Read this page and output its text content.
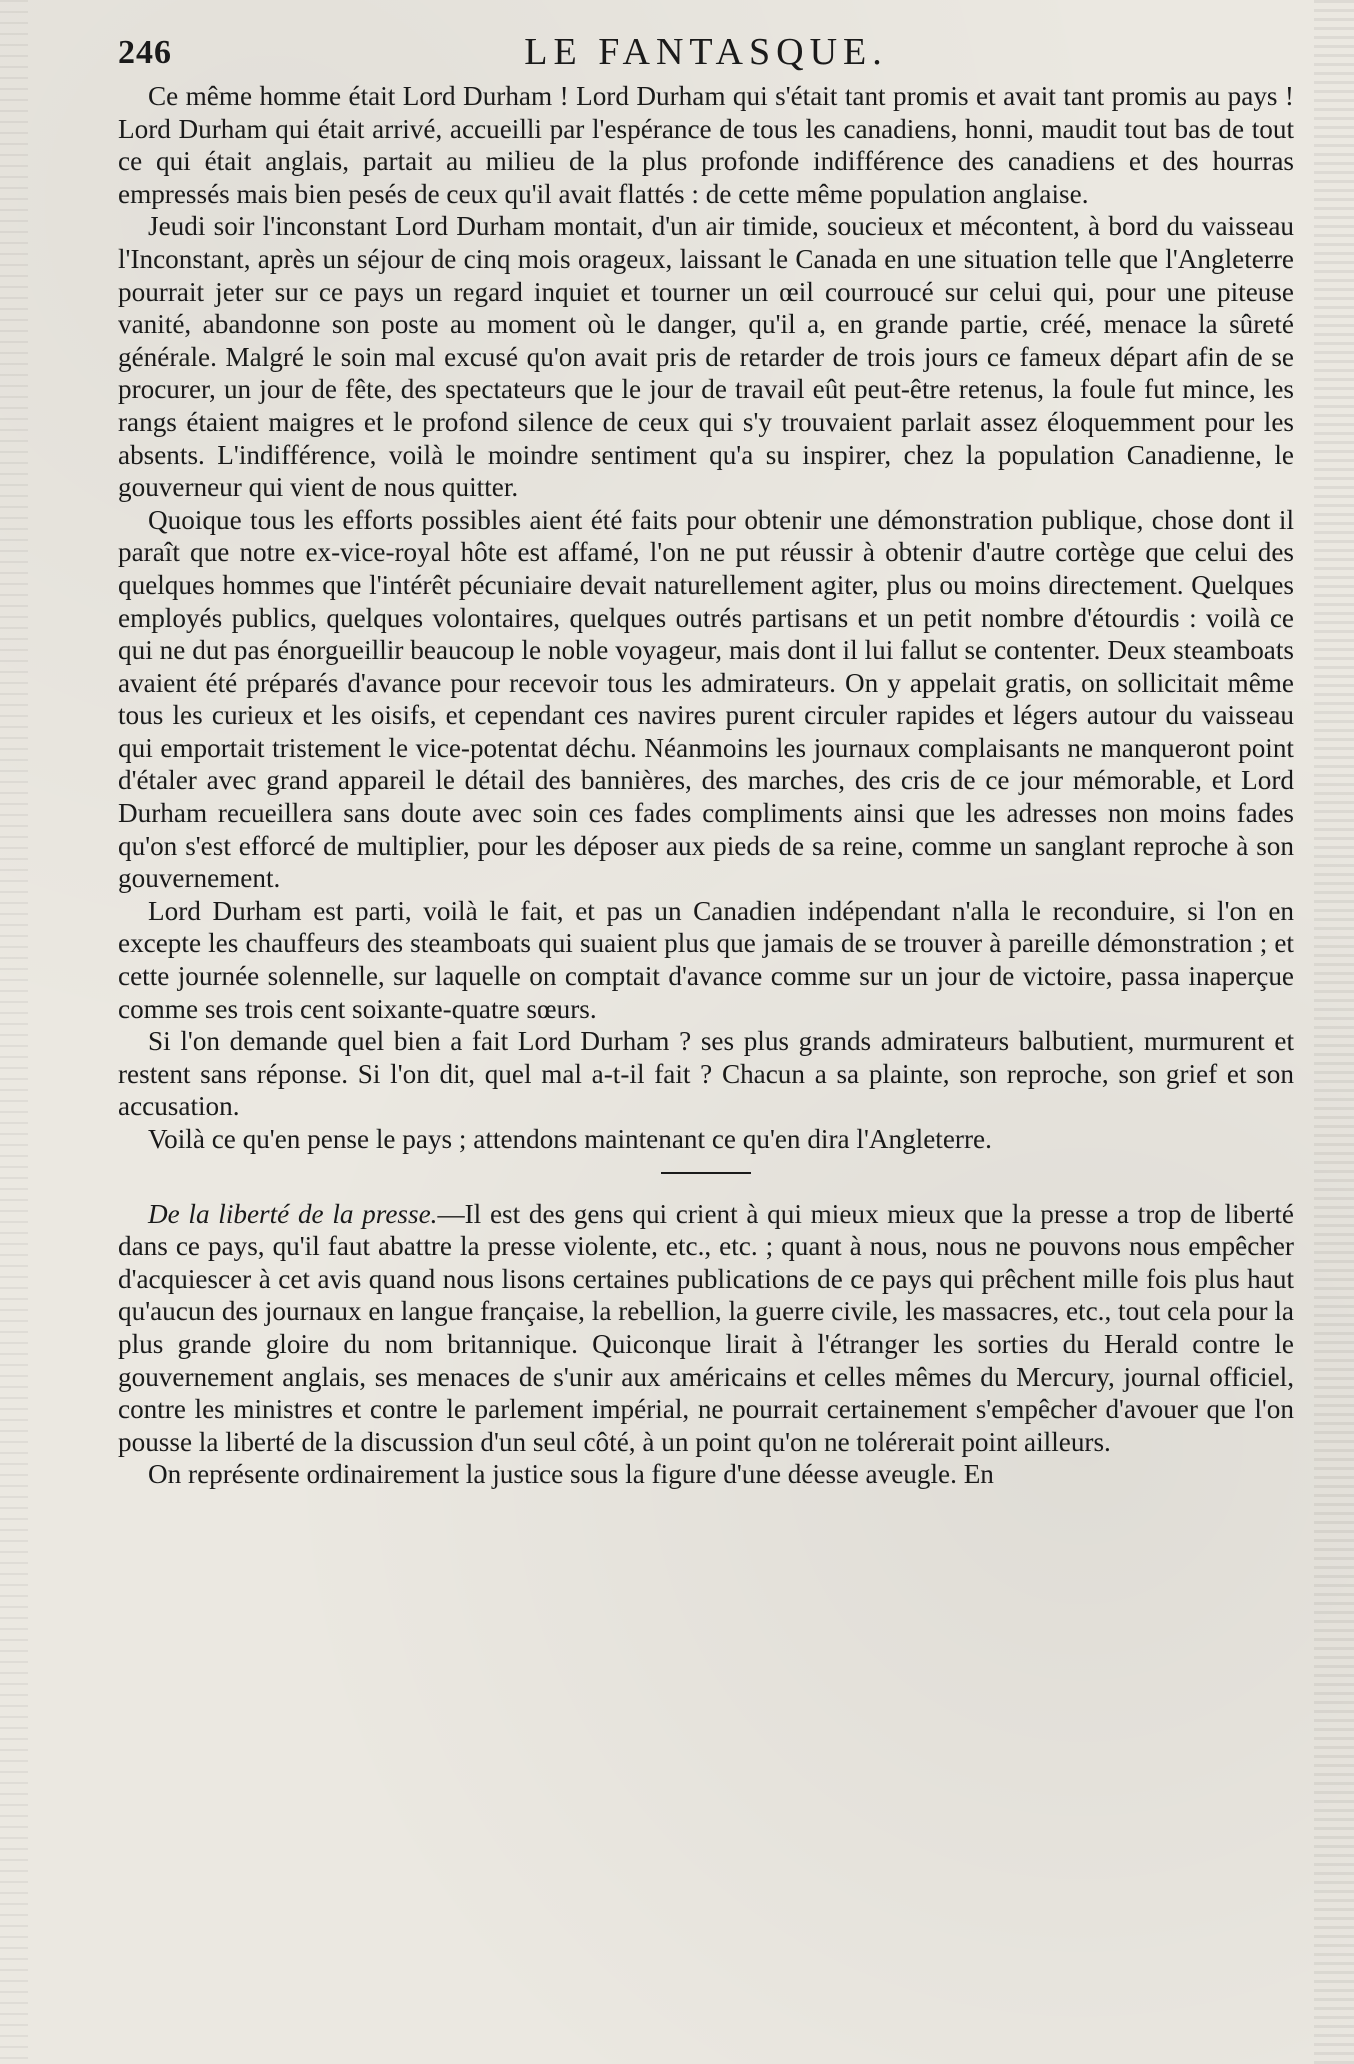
246	LE FANTASQUE.

Ce même homme était Lord Durham ! Lord Durham qui s'était tant promis et avait tant promis au pays ! Lord Durham qui était arrivé, accueilli par l'espérance de tous les canadiens, honni, maudit tout bas de tout ce qui était anglais, partait au milieu de la plus profonde indifférence des canadiens et des hourras empressés mais bien pesés de ceux qu'il avait flattés : de cette même population anglaise.

Jeudi soir l'inconstant Lord Durham montait, d'un air timide, soucieux et mécontent, à bord du vaisseau l'Inconstant, après un séjour de cinq mois orageux, laissant le Canada en une situation telle que l'Angleterre pourrait jeter sur ce pays un regard inquiet et tourner un œil courroucé sur celui qui, pour une piteuse vanité, abandonne son poste au moment où le danger, qu'il a, en grande partie, créé, menace la sûreté générale. Malgré le soin mal excusé qu'on avait pris de retarder de trois jours ce fameux départ afin de se procurer, un jour de fête, des spectateurs que le jour de travail eût peut-être retenus, la foule fut mince, les rangs étaient maigres et le profond silence de ceux qui s'y trouvaient parlait assez éloquemment pour les absents. L'indifférence, voilà le moindre sentiment qu'a su inspirer, chez la population Canadienne, le gouverneur qui vient de nous quitter.

Quoique tous les efforts possibles aient été faits pour obtenir une démonstration publique, chose dont il paraît que notre ex-vice-royal hôte est affamé, l'on ne put réussir à obtenir d'autre cortège que celui des quelques hommes que l'intérêt pécuniaire devait naturellement agiter, plus ou moins directement. Quelques employés publics, quelques volontaires, quelques outrés partisans et un petit nombre d'étourdis : voilà ce qui ne dut pas énorgueillir beaucoup le noble voyageur, mais dont il lui fallut se contenter. Deux steamboats avaient été préparés d'avance pour recevoir tous les admirateurs. On y appelait gratis, on sollicitait même tous les curieux et les oisifs, et cependant ces navires purent circuler rapides et légers autour du vaisseau qui emportait tristement le vice-potentat déchu. Néanmoins les journaux complaisants ne manqueront point d'étaler avec grand appareil le détail des bannières, des marches, des cris de ce jour mémorable, et Lord Durham recueillera sans doute avec soin ces fades compliments ainsi que les adresses non moins fades qu'on s'est efforcé de multiplier, pour les déposer aux pieds de sa reine, comme un sanglant reproche à son gouvernement.

Lord Durham est parti, voilà le fait, et pas un Canadien indépendant n'alla le reconduire, si l'on en excepte les chauffeurs des steamboats qui suaient plus que jamais de se trouver à pareille démonstration ; et cette journée solennelle, sur laquelle on comptait d'avance comme sur un jour de victoire, passa inaperçue comme ses trois cent soixante-quatre sœurs.

Si l'on demande quel bien a fait Lord Durham ? ses plus grands admirateurs balbutient, murmurent et restent sans réponse. Si l'on dit, quel mal a-t-il fait ? Chacun a sa plainte, son reproche, son grief et son accusation.

Voilà ce qu'en pense le pays ; attendons maintenant ce qu'en dira l'Angleterre.

De la liberté de la presse.—Il est des gens qui crient à qui mieux mieux que la presse a trop de liberté dans ce pays, qu'il faut abattre la presse violente, etc., etc. ; quant à nous, nous ne pouvons nous empêcher d'acquiescer à cet avis quand nous lisons certaines publications de ce pays qui prêchent mille fois plus haut qu'aucun des journaux en langue française, la rebellion, la guerre civile, les massacres, etc., tout cela pour la plus grande gloire du nom britannique. Quiconque lirait à l'étranger les sorties du Herald contre le gouvernement anglais, ses menaces de s'unir aux américains et celles mêmes du Mercury, journal officiel, contre les ministres et contre le parlement impérial, ne pourrait certainement s'empêcher d'avouer que l'on pousse la liberté de la discussion d'un seul côté, à un point qu'on ne tolérerait point ailleurs.

On représente ordinairement la justice sous la figure d'une déesse aveugle. En
